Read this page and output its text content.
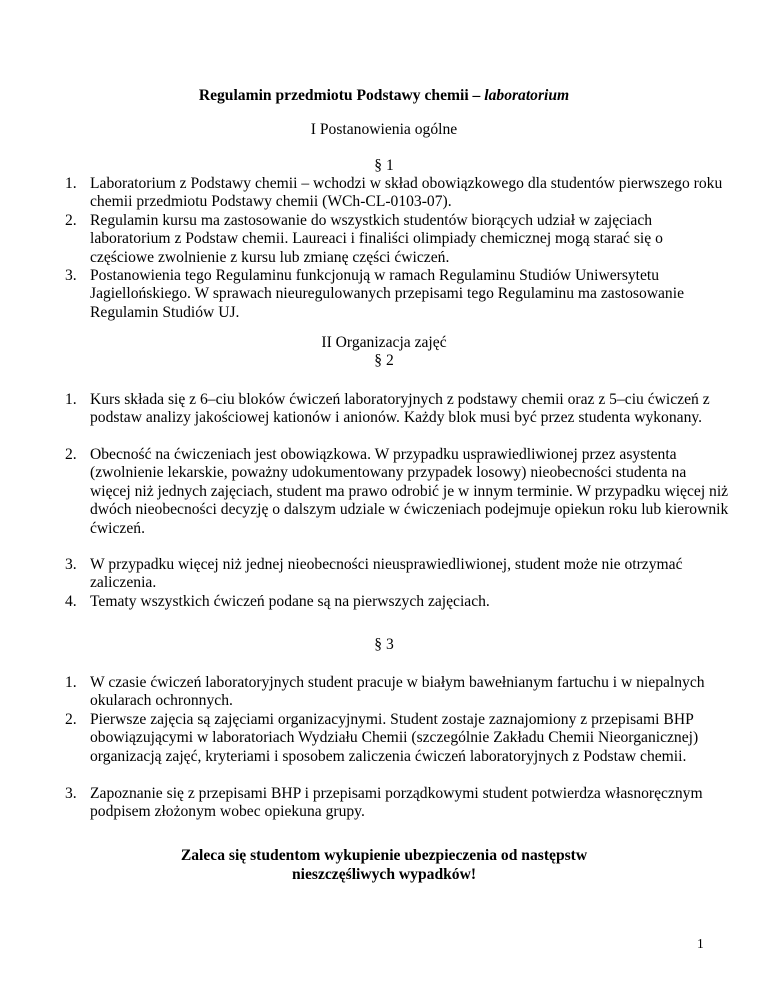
Regulamin przedmiotu Podstawy chemii – laboratorium
I Postanowienia ogólne
§ 1
1. Laboratorium z Podstawy chemii – wchodzi w skład obowiązkowego dla studentów pierwszego roku chemii przedmiotu Podstawy chemii (WCh-CL-0103-07).
2. Regulamin kursu ma zastosowanie do wszystkich studentów biorących udział w zajęciach laboratorium z Podstaw chemii. Laureaci i finaliści olimpiady chemicznej mogą starać się o częściowe zwolnienie z kursu lub zmianę części ćwiczeń.
3. Postanowienia tego Regulaminu funkcjonują w ramach Regulaminu Studiów Uniwersytetu Jagiellońskiego. W sprawach nieuregulowanych przepisami tego Regulaminu ma zastosowanie Regulamin Studiów UJ.
II Organizacja zajęć
§ 2
1. Kurs składa się z 6–ciu bloków ćwiczeń laboratoryjnych z podstawy chemii oraz z 5–ciu ćwiczeń z podstaw analizy jakościowej kationów i anionów. Każdy blok musi być przez studenta wykonany.
2. Obecność na ćwiczeniach jest obowiązkowa. W przypadku usprawiedliwionej przez asystenta (zwolnienie lekarskie, poważny udokumentowany przypadek losowy) nieobecności studenta na więcej niż jednych zajęciach, student ma prawo odrobić je w innym terminie. W przypadku więcej niż dwóch nieobecności decyzję o dalszym udziale w ćwiczeniach podejmuje opiekun roku lub kierownik ćwiczeń.
3. W przypadku więcej niż jednej nieobecności nieusprawiedliwionej, student może nie otrzymać zaliczenia.
4. Tematy wszystkich ćwiczeń podane są na pierwszych zajęciach.
§ 3
1. W czasie ćwiczeń laboratoryjnych student pracuje w białym bawełnianym fartuchu i w niepalnych okularach ochronnych.
2. Pierwsze zajęcia są zajęciami organizacyjnymi. Student zostaje zaznajomiony z przepisami BHP obowiązującymi w laboratoriach Wydziału Chemii (szczególnie Zakładu Chemii Nieorganicznej) organizacją zajęć, kryteriami i sposobem zaliczenia ćwiczeń laboratoryjnych z Podstaw chemii.
3. Zapoznanie się z przepisami BHP i przepisami porządkowymi student potwierdza własnoręcznym podpisem złożonym wobec opiekuna grupy.
Zaleca się studentom wykupienie ubezpieczenia od następstw
nieszczęśliwych wypadków!
1
